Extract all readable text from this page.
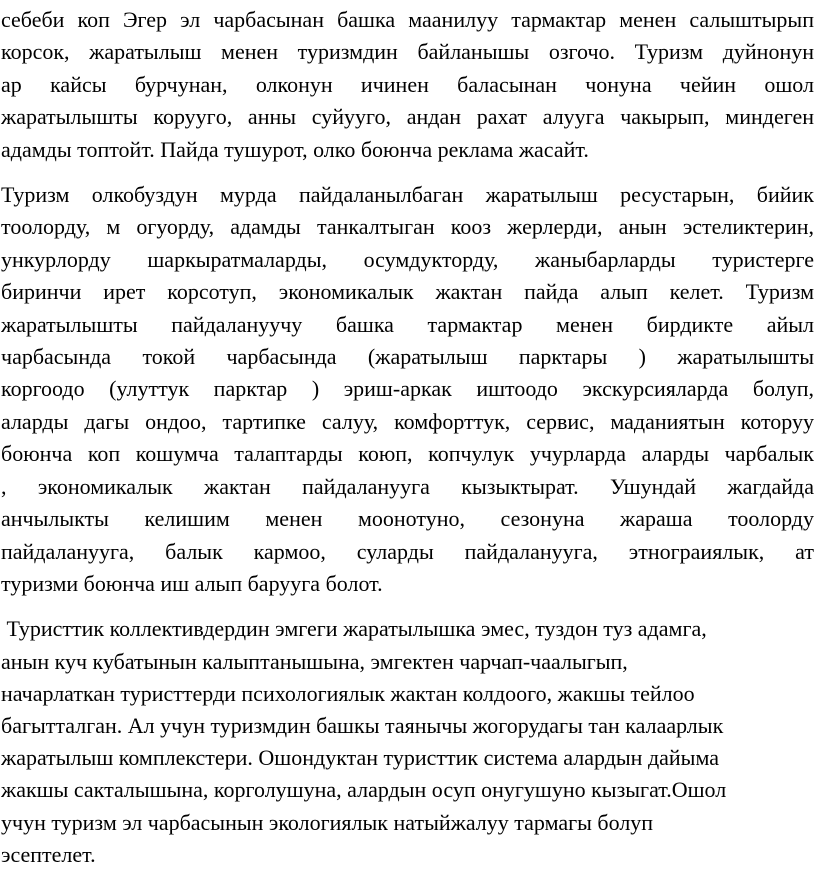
себеби коп Эгер эл чарбасынан башка маанилуу тармактар менен салыштырып
корсок, жаратылыш менен туризмдин байланышы озгочо. Туризм дуйнонун
ар кайсы бурчунан, олконун ичинен баласынан чонуна чейин ошол
жаратылышты коруугo, анны суйууго, андан рахат алууга чакырып, миндеген
адамды топтойт. Пайда тушурот, олко боюнча реклама жасайт.
Туризм олкобуздун мурда пайдаланылбаган жаратылыш ресустарын, бийик
тоолорду, м огуорду, адамды танкалтыган кооз жерлерди, анын эстеликтерин,
ункурлорду шаркыратмаларды, осумдукторду, жаныбарларды туристерге
биринчи ирет корсотуп, экономикалык жактан пайда алып келет. Туризм
жаратылышты пайдалануучу башка тармактар менен бирдикте айыл
чарбасында токой чарбасында (жаратылыш парктары ) жаратылышты
коргоодо (улуттук парктар ) эриш-аркак иштоодо экскурсияларда болуп,
аларды дагы ондоо, тартипке салуу, комфорттук, сервис, маданиятын которуу
боюнча коп кошумча талаптарды коюп, копчулук учурларда аларды чарбалык
, экономикалык жактан пайдаланууга кызыктырат. Ушундай жагдайда
анчылыкты келишим менен моонотуно, сезонуна жараша тоолорду
пайдаланууга, балык кармоо, суларды пайдаланууга, этнограиялык, ат
туризми боюнча иш алып барууга болот.
Туристтик коллективдердин эмгеги жаратылышка эмес, туздон туз адамга,
анын куч кубатынын калыптанышына, эмгектен чарчап-чаалыгып,
начарлаткан туристтерди психологиялык жактан колдоого, жакшы тейлоо
багытталган. Ал учун туризмдин башкы таянычы жогорудагы тан калаарлык
жаратылыш комплекстери. Ошондуктан туристтик система алардын дайыма
жакшы сакталышына, корголушуна, алардын осуп онугушуно кызыгат.Ошол
учун туризм эл чарбасынын экологиялык натыйжалуу тармагы болуп
эсептелет.
